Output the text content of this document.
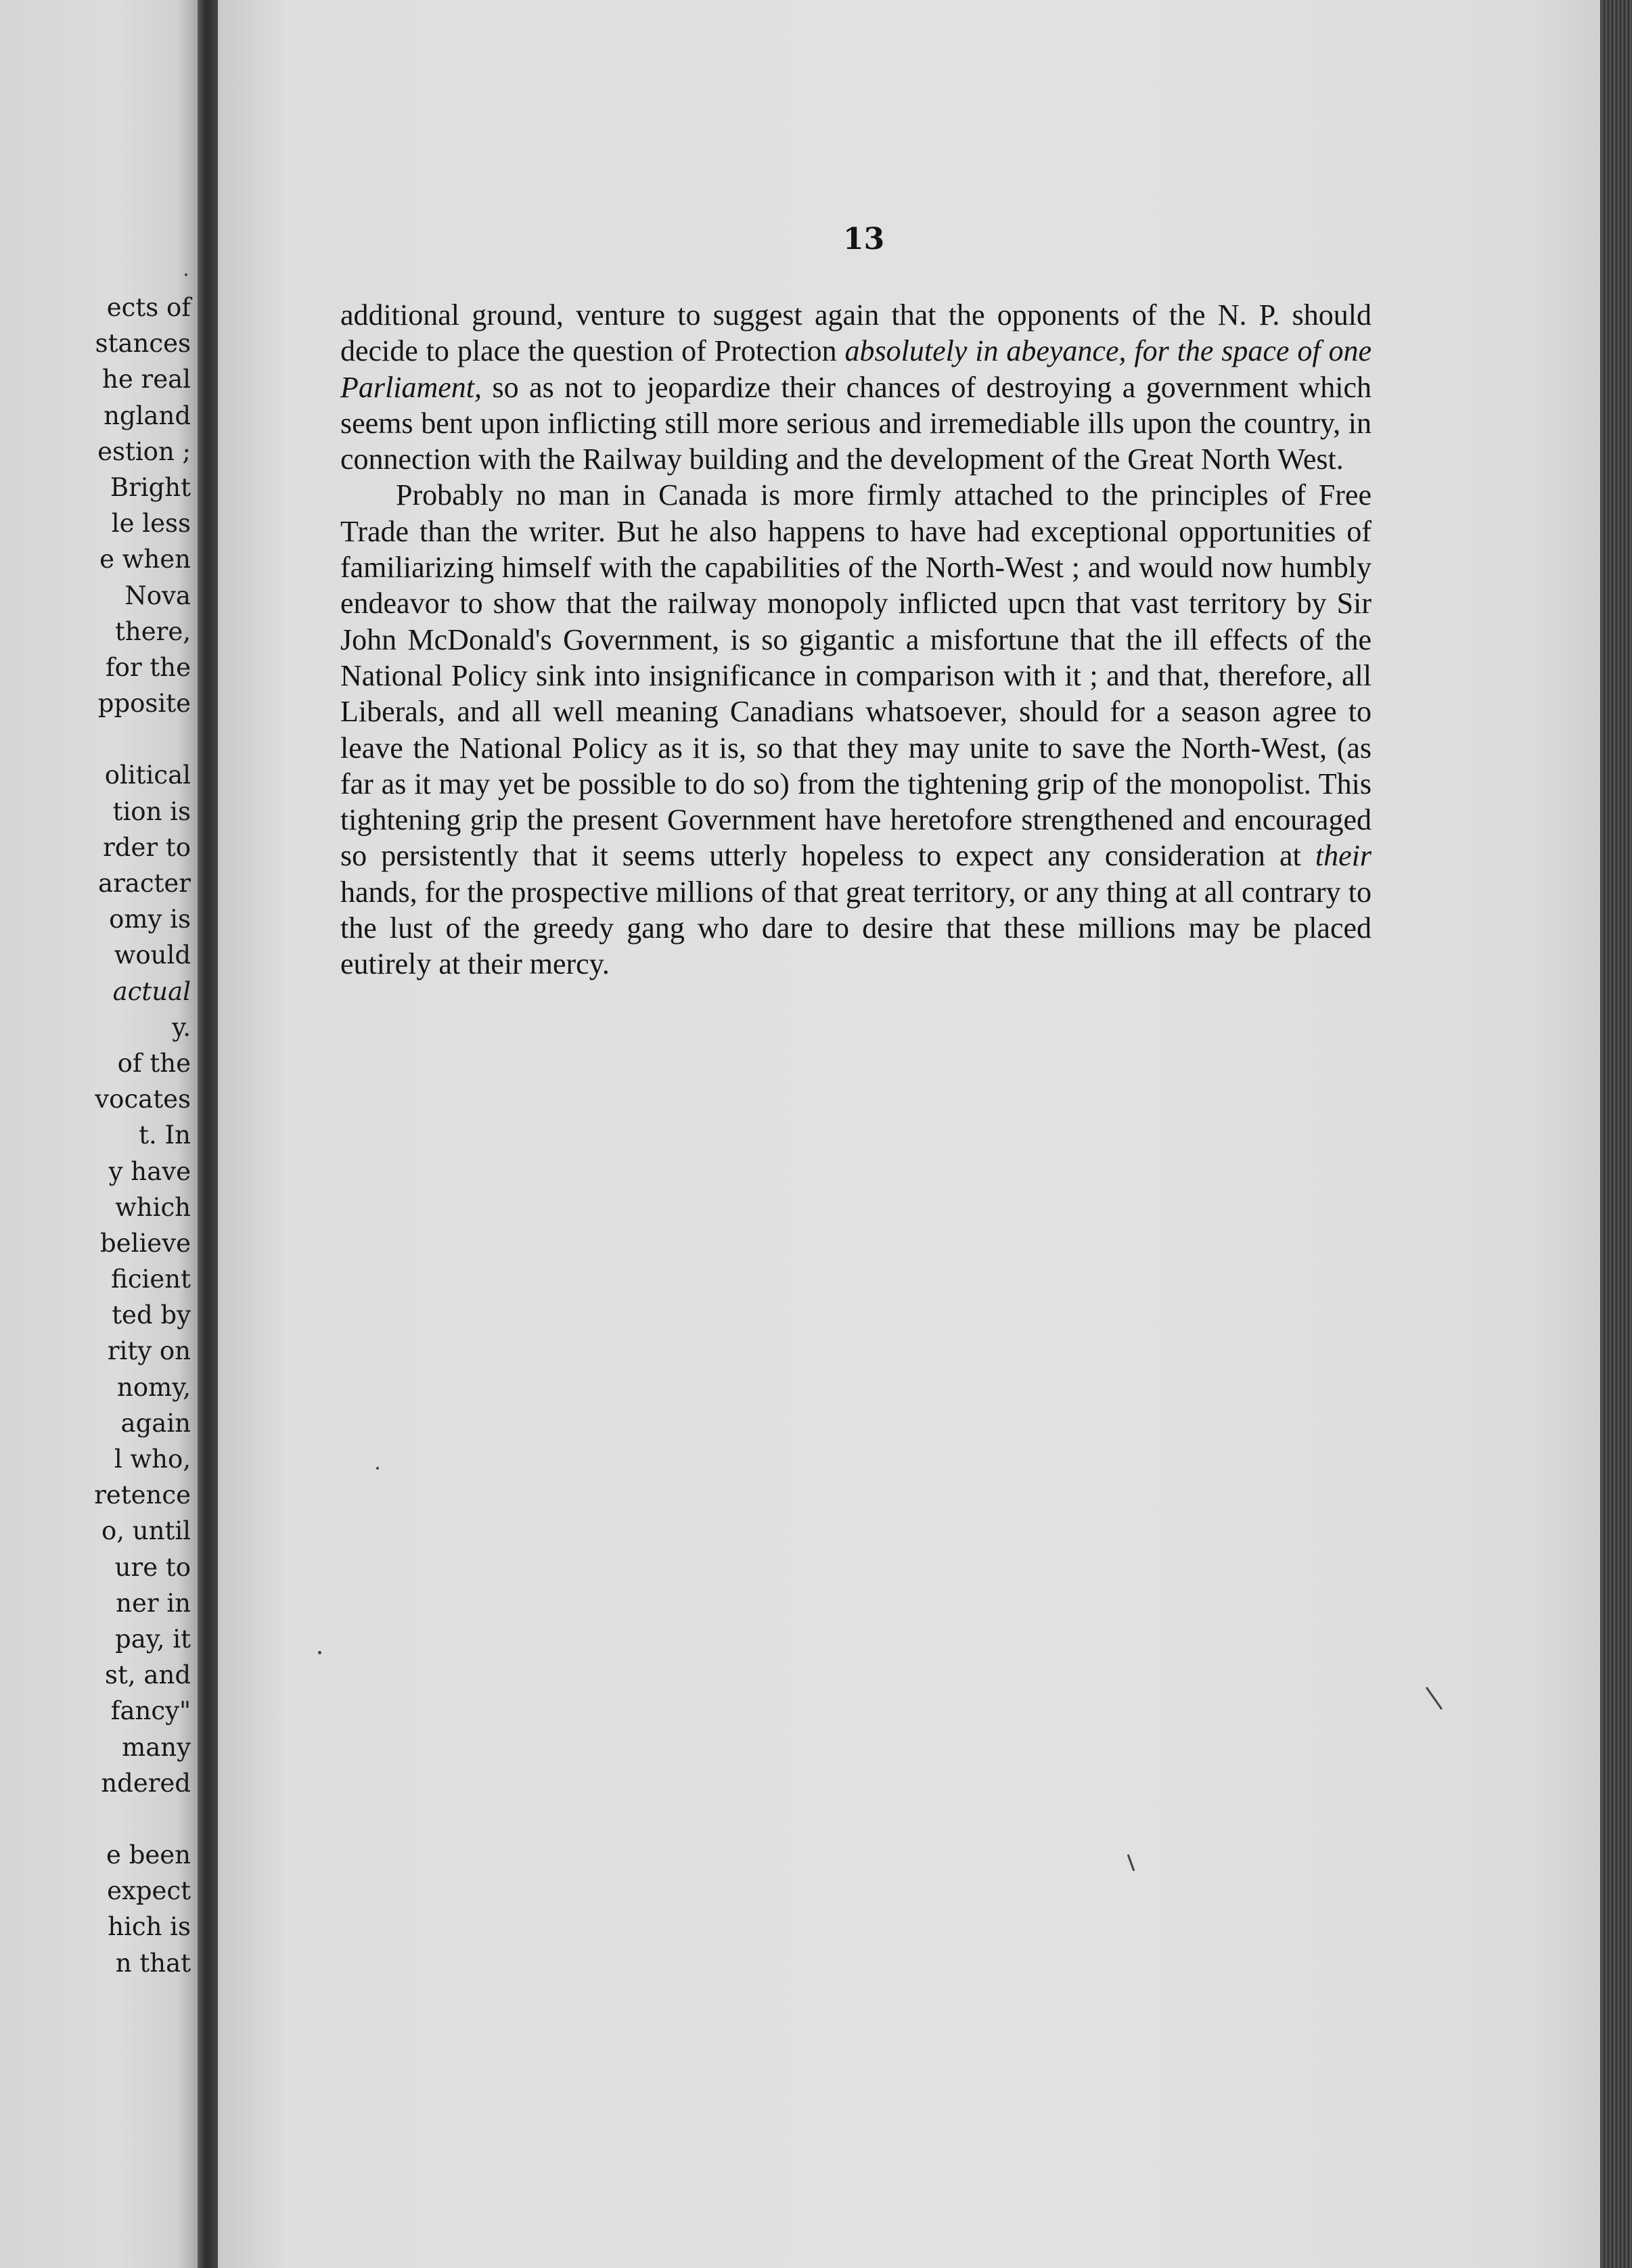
ects of
stances
he real
ngland
estion ;
Bright
le less
e when
Nova
there,
for the
pposite
olitical
tion is
rder to
aracter
omy is
would
actual
y.
of the
vocates
t. In
y have
which
believe
ficient
ted by
rity on
nomy,
again
l who,
retence
o, until
ure to
ner in
pay, it
st, and
fancy"
many
ndered
e been
expect
hich is
n that
13

additional ground, venture to suggest again that the opponents of the N. P. should decide to place the question of Protection absolutely in abeyance, for the space of one Parliament, so as not to jeopardize their chances of destroying a government which seems bent upon inflicting still more serious and irremediable ills upon the country, in connection with the Railway building and the development of the Great North West.

Probably no man in Canada is more firmly attached to the principles of Free Trade than the writer. But he also happens to have had exceptional opportunities of familiarizing himself with the capabilities of the North-West ; and would now humbly endeavor to show that the railway monopoly inflicted upcn that vast territory by Sir John McDonald's Government, is so gigantic a misfortune that the ill effects of the National Policy sink into insignificance in comparison with it ; and that, therefore, all Liberals, and all well meaning Canadians whatsoever, should for a season agree to leave the National Policy as it is, so that they may unite to save the North-West, (as far as it may yet be possible to do so) from the tightening grip of the monopolist. This tightening grip the present Government have heretofore strengthened and encouraged so persistently that it seems utterly hopeless to expect any consideration at their hands, for the prospective millions of that great territory, or any thing at all contrary to the lust of the greedy gang who dare to desire that these millions may be placed eutirely at their mercy.
